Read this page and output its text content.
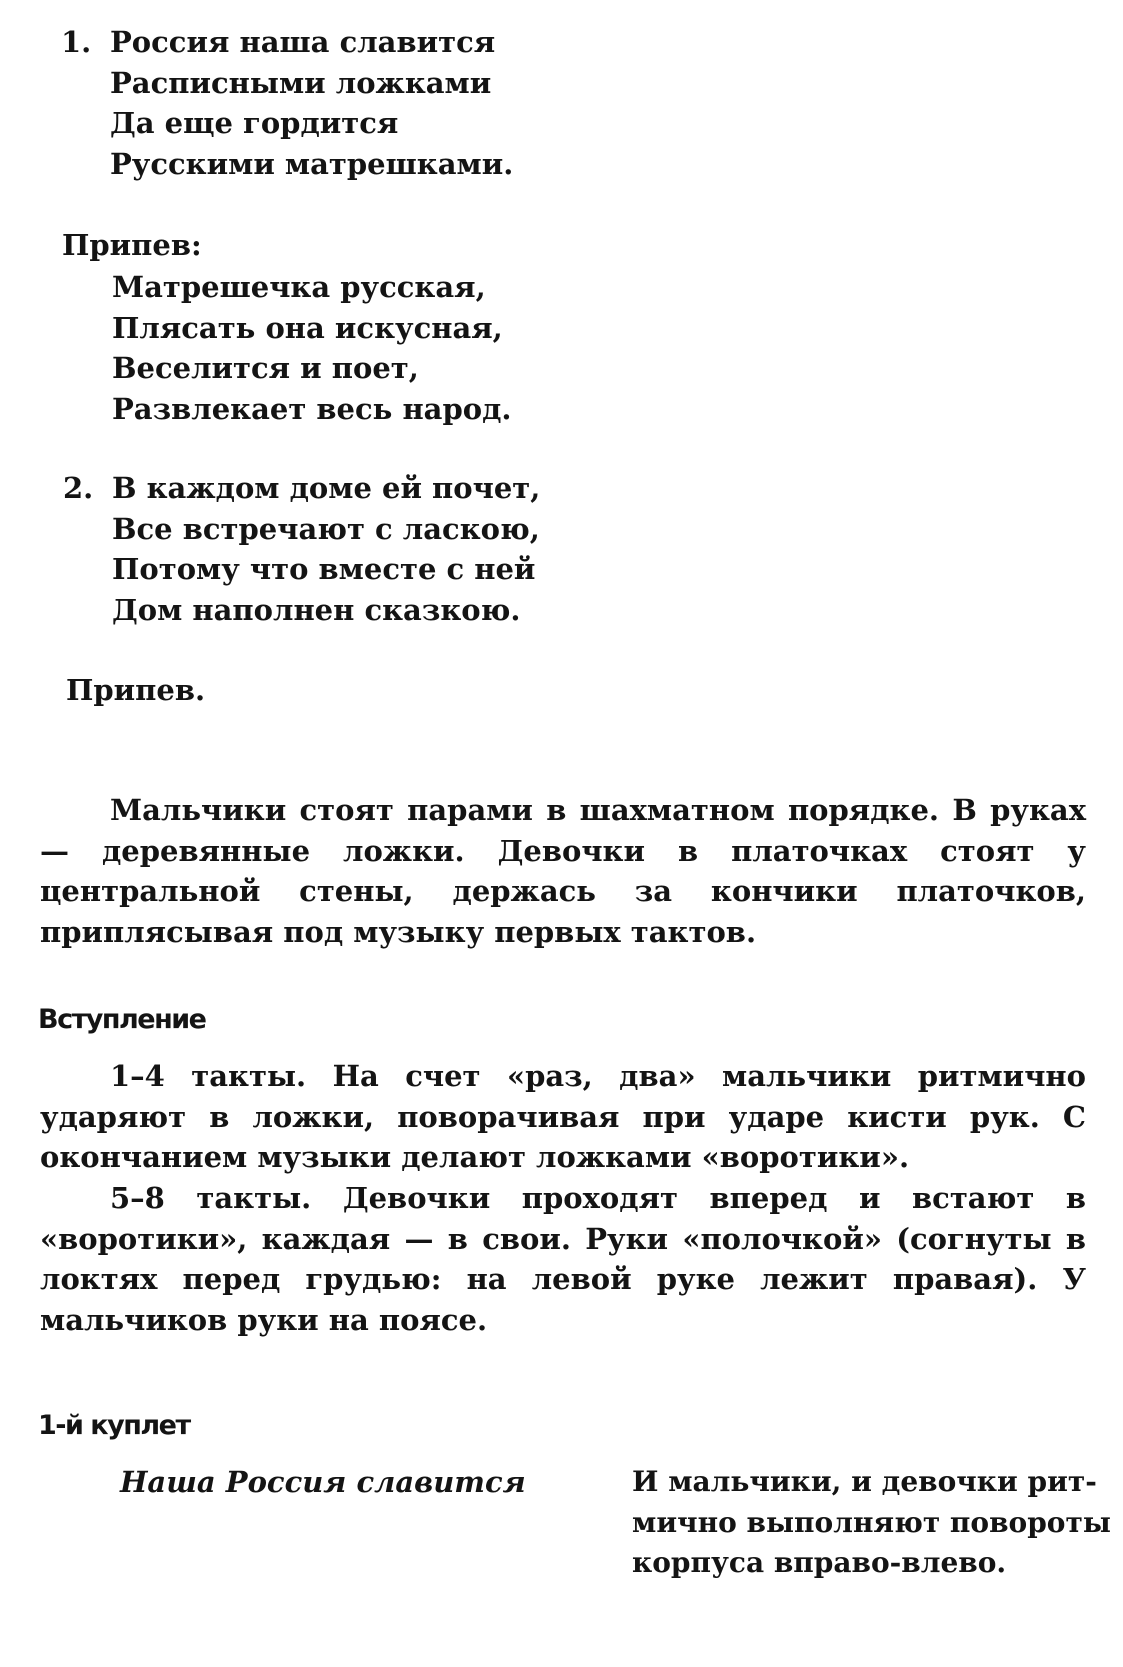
1. Россия наша славится
Расписными ложками
Да еще гордится
Русскими матрешками.
Припев:
Матрешечка русская,
Плясать она искусная,
Веселится и поет,
Развлекает весь народ.
2. В каждом доме ей почет,
Все встречают с ласкою,
Потому что вместе с ней
Дом наполнен сказкою.
Припев.

Мальчики стоят парами в шахматном порядке. В руках — деревянные ложки. Девочки в платочках стоят у центральной стены, держась за кончики платочков, приплясывая под музыку первых тактов.

Вступление

1–4 такты. На счет «раз, два» мальчики ритмично ударяют в ложки, поворачивая при ударе кисти рук. С окончанием музыки делают ложками «воротики».

5–8 такты. Девочки проходят вперед и встают в «воротики», каждая — в свои. Руки «полочкой» (согнуты в локтях перед грудью: на левой руке лежит правая). У мальчиков руки на поясе.

1-й куплет
Наша Россия славится	И мальчики, и девочки рит-
мично выполняют повороты
корпуса вправо-влево.
